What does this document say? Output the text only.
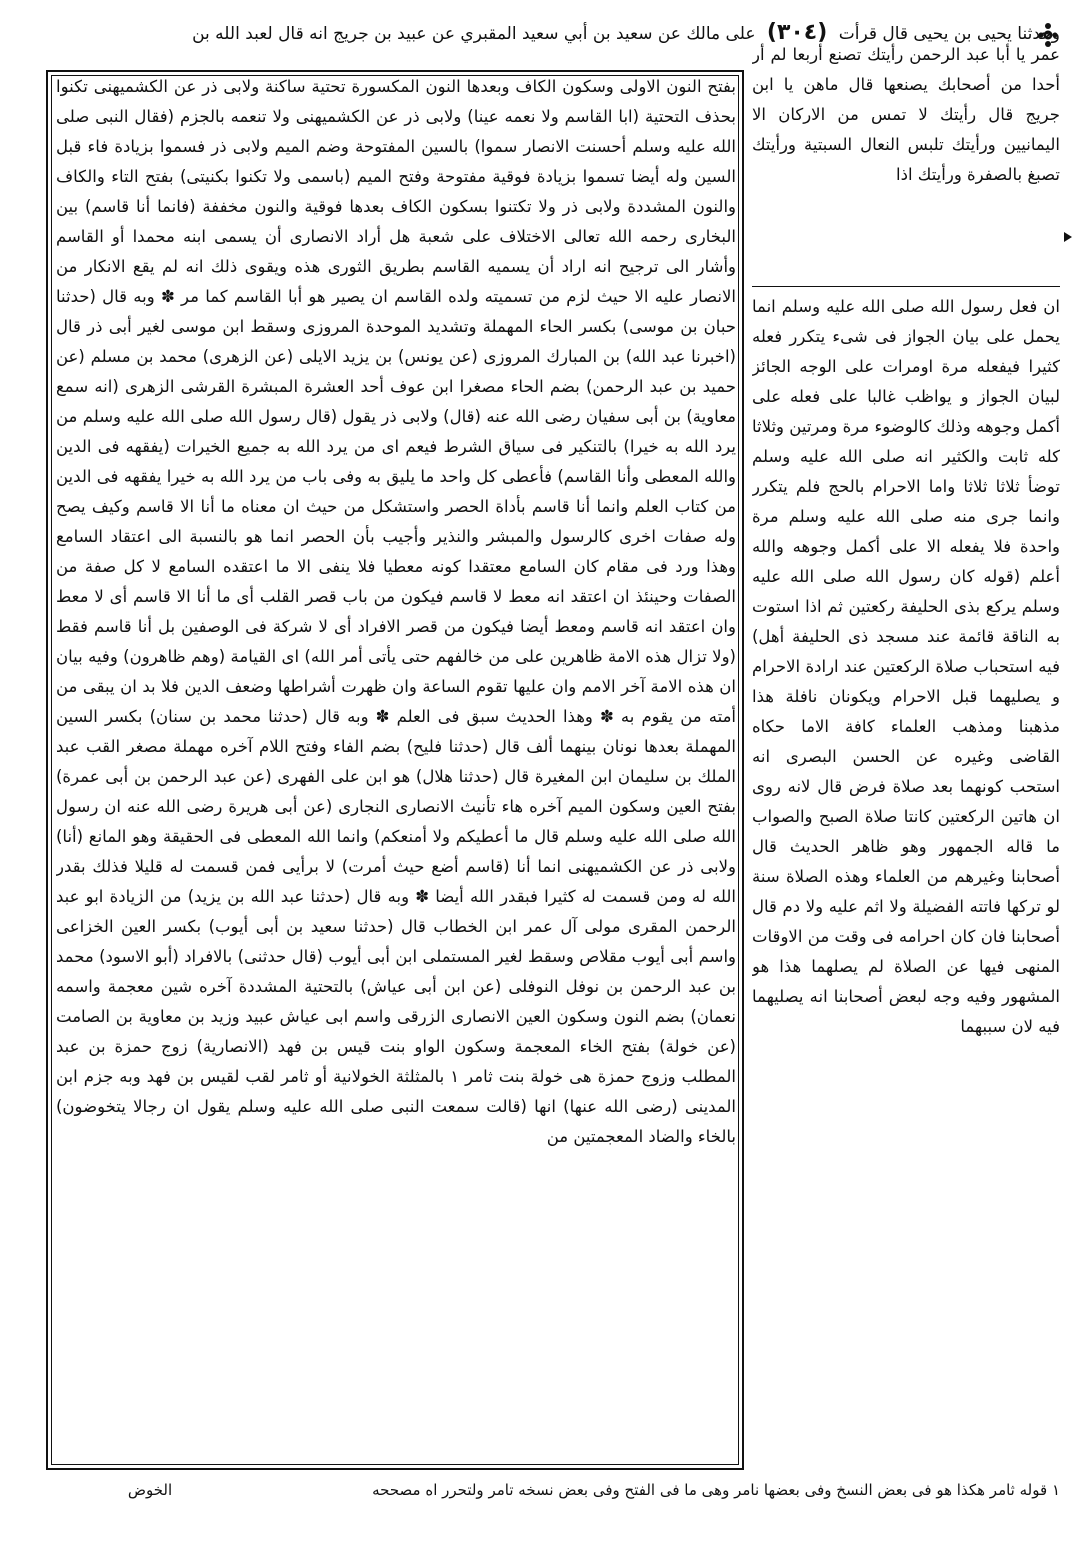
وحدثنا يحيى بن يحيى قال قرأت (٣٠٤) على مالك عن سعيد بن أبي سعيد المقبري عن عبيد بن جريج انه قال لعبد الله بن
بفتح النون الاولى وسكون الكاف وبعدها النون المكسورة تحتية ساكنة ولابى ذر عن الكشميهنى تكنوا بحذف التحتية (ابا القاسم ولا نعمه عينا) ولابى ذر عن الكشميهنى ولا تنعمه بالجزم (فقال النبى صلى الله عليه وسلم أحسنت الانصار سموا) بالسين المفتوحة وضم الميم ولابى ذر فسموا بزيادة فاء قبل السين وله أيضا تسموا بزيادة فوقية مفتوحة وفتح الميم (باسمى ولا تكنوا بكنيتى) بفتح التاء والكاف والنون المشددة ولابى ذر ولا تكتنوا بسكون الكاف بعدها فوقية والنون مخففة (فانما أنا قاسم) بين البخارى رحمه الله تعالى الاختلاف على شعبة هل أراد الانصارى أن يسمى ابنه محمدا أو القاسم وأشار الى ترجيح انه اراد أن يسميه القاسم بطريق الثورى هذه ويقوى ذلك انه لم يقع الانكار من الانصار عليه الا حيث لزم من تسميته ولده القاسم ان يصير هو أبا القاسم كما مر ✽ وبه قال (حدثنا حبان بن موسى) بكسر الحاء المهملة وتشديد الموحدة المروزى وسقط ابن موسى لغير أبى ذر قال (اخبرنا عبد الله) بن المبارك المروزى (عن يونس) بن يزيد الايلى (عن الزهرى) محمد بن مسلم (عن حميد بن عبد الرحمن) بضم الحاء مصغرا ابن عوف أحد العشرة المبشرة القرشى الزهرى (انه سمع معاوية) بن أبى سفيان رضى الله عنه (قال) ولابى ذر يقول (قال رسول الله صلى الله عليه وسلم من يرد الله به خيرا) بالتنكير فى سياق الشرط فيعم اى من يرد الله به جميع الخيرات (يفقهه فى الدين والله المعطى وأنا القاسم) فأعطى كل واحد ما يليق به وفى باب من يرد الله به خيرا يفقهه فى الدين من كتاب العلم وانما أنا قاسم بأداة الحصر واستشكل من حيث ان معناه ما أنا الا قاسم وكيف يصح وله صفات اخرى كالرسول والمبشر والنذير وأجيب بأن الحصر انما هو بالنسبة الى اعتقاد السامع وهذا ورد فى مقام كان السامع معتقدا كونه معطيا فلا ينفى الا ما اعتقده السامع لا كل صفة من الصفات وحينئذ ان اعتقد انه معط لا قاسم فيكون من باب قصر القلب أى ما أنا الا قاسم أى لا معط وان اعتقد انه قاسم ومعط أيضا فيكون من قصر الافراد أى لا شركة فى الوصفين بل أنا قاسم فقط (ولا تزال هذه الامة ظاهرين على من خالفهم حتى يأتى أمر الله) اى القيامة (وهم ظاهرون) وفيه بيان ان هذه الامة آخر الامم وان عليها تقوم الساعة وان ظهرت أشراطها وضعف الدين فلا بد ان يبقى من أمته من يقوم به ✽ وهذا الحديث سبق فى العلم ✽ وبه قال (حدثنا محمد بن سنان) بكسر السين المهملة بعدها نونان بينهما ألف قال (حدثنا فليح) بضم الفاء وفتح اللام آخره مهملة مصغر القب عبد الملك بن سليمان ابن المغيرة قال (حدثنا هلال) هو ابن على الفهرى (عن عبد الرحمن بن أبى عمرة) بفتح العين وسكون الميم آخره هاء تأنيث الانصارى النجارى (عن أبى هريرة رضى الله عنه ان رسول الله صلى الله عليه وسلم قال ما أعطيكم ولا أمنعكم) وانما الله المعطى فى الحقيقة وهو المانع (أنا) ولابى ذر عن الكشميهنى انما أنا (قاسم أضع حيث أمرت) لا برأيى فمن قسمت له قليلا فذلك بقدر الله له ومن قسمت له كثيرا فبقدر الله أيضا ✽ وبه قال (حدثنا عبد الله بن يزيد) من الزيادة ابو عبد الرحمن المقرى مولى آل عمر ابن الخطاب قال (حدثنا سعيد بن أبى أيوب) بكسر العين الخزاعى واسم أبى أيوب مقلاص وسقط لغير المستملى ابن أبى أيوب (قال حدثنى) بالافراد (أبو الاسود) محمد بن عبد الرحمن بن نوفل النوفلى (عن ابن أبى عياش) بالتحتية المشددة آخره شين معجمة واسمه نعمان) بضم النون وسكون العين الانصارى الزرقى واسم ابى عياش عبيد وزيد بن معاوية بن الصامت (عن خولة) بفتح الخاء المعجمة وسكون الواو بنت قيس بن فهد (الانصارية) زوج حمزة بن عبد المطلب وزوج حمزة هى خولة بنت ثامر ١ بالمثلثة الخولانية أو ثامر لقب لقيس بن فهد وبه جزم ابن المدينى (رضى الله عنها) انها (قالت سمعت النبى صلى الله عليه وسلم يقول ان رجالا يتخوضون) بالخاء والضاد المعجمتين من
عمر يا أبا عبد الرحمن رأيتك تصنع أربعا لم أر أحدا من أصحابك يصنعها قال ماهن يا ابن جريج قال رأيتك لا تمس من الاركان الا اليمانيين ورأيتك تلبس النعال السبتية ورأيتك تصبغ بالصفرة ورأيتك اذا
ان فعل رسول الله صلى الله عليه وسلم انما يحمل على بيان الجواز فى شىء يتكرر فعله كثيرا فيفعله مرة اومرات على الوجه الجائز لبيان الجواز و يواظب غالبا على فعله على أكمل وجوهه وذلك كالوضوء مرة ومرتين وثلاثا كله ثابت والكثير انه صلى الله عليه وسلم توضأ ثلاثا ثلاثا واما الاحرام بالحج فلم يتكرر وانما جرى منه صلى الله عليه وسلم مرة واحدة فلا يفعله الا على أكمل وجوهه والله أعلم (قوله كان رسول الله صلى الله عليه وسلم يركع بذى الحليفة ركعتين ثم اذا استوت به الناقة قائمة عند مسجد ذى الحليفة أهل) فيه استحباب صلاة الركعتين عند ارادة الاحرام و يصليهما قبل الاحرام ويكونان نافلة هذا مذهبنا ومذهب العلماء كافة الاما حكاه القاضى وغيره عن الحسن البصرى انه استحب كونهما بعد صلاة فرض قال لانه روى ان هاتين الركعتين كانتا صلاة الصبح والصواب ما قاله الجمهور وهو ظاهر الحديث قال أصحابنا وغيرهم من العلماء وهذه الصلاة سنة لو تركها فاتته الفضيلة ولا اثم عليه ولا دم قال أصحابنا فان كان احرامه فى وقت من الاوقات المنهى فيها عن الصلاة لم يصلهما هذا هو المشهور وفيه وجه لبعض أصحابنا انه يصليهما فيه لان سببهما
١ قوله ثامر هكذا هو فى بعض النسخ وفى بعضها نامر وهى ما فى الفتح وفى بعض نسخه تامر ولتحرر اه مصححه
الخوض
